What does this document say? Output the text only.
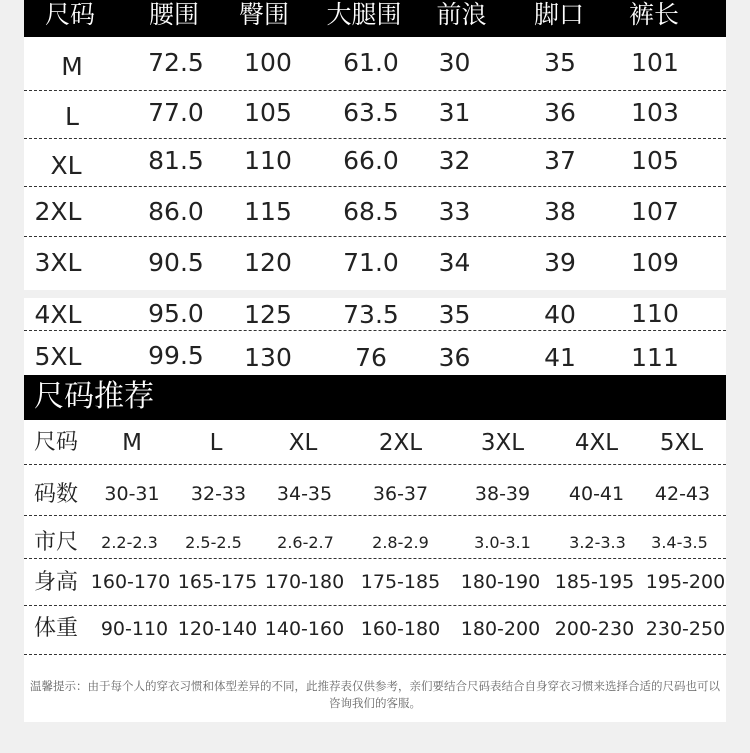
尺码	腰围	臀围	大腿围	前浪	脚口	裤长
M	72.5	100	61.0	30	35	101
L	77.0	105	63.5	31	36	103
XL	81.5	110	66.0	32	37	105
2XL	86.0	115	68.5	33	38	107
3XL	90.5	120	71.0	34	39	109
4XL	95.0	125	73.5	35	40	110
5XL	99.5	130	76	36	41	111
尺码推荐
尺码	M	L	XL	2XL	3XL	4XL	5XL
码数	30-31	32-33	34-35	36-37	38-39	40-41	42-43
市尺	2.2-2.3	2.5-2.5	2.6-2.7	2.8-2.9	3.0-3.1	3.2-3.3	3.4-3.5
身高 160-170 165-175 170-180 175-185 180-190 185-195 195-200
体重	90-110 120-140 140-160 160-180 180-200 200-230 230-250
温馨提示：由于每个人的穿衣习惯和体型差异的不同，此推荐表仅供参考，亲们要结合尺码表结合自身穿衣习惯来选择合适的尺码也可以咨询我们的客服。
